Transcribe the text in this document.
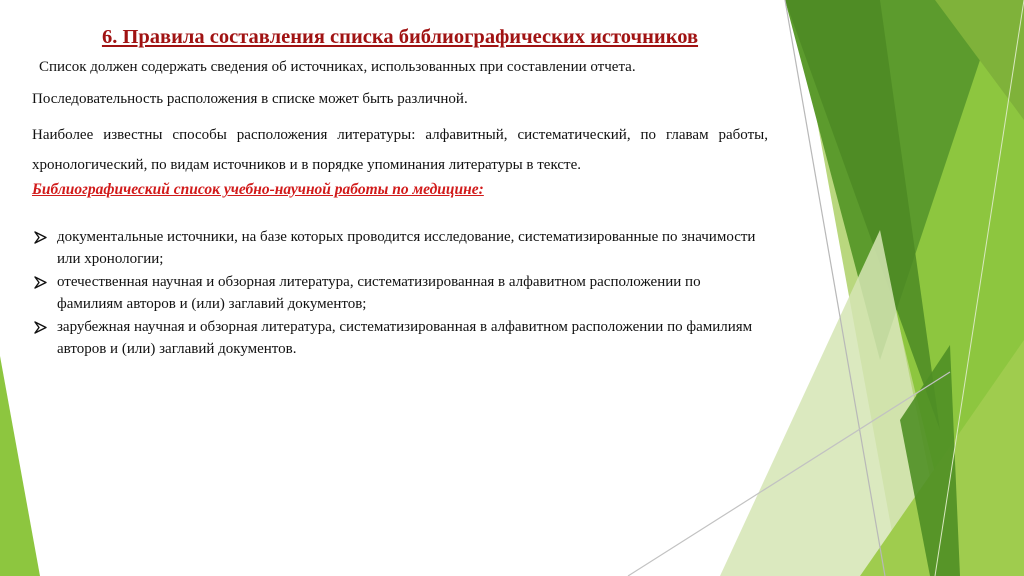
6. Правила составления списка библиографических источников

Список должен содержать сведения об источниках, использованных при составлении отчета.

Последовательность расположения в списке может быть различной.

Наиболее известны способы расположения литературы: алфавитный, систематический, по главам работы, хронологический, по видам источников и в порядке упоминания литературы в тексте.

Библиографический список учебно-научной работы по медицине:
документальные источники, на базе которых проводится исследование, систематизированные по значимости или хронологии;
отечественная научная и обзорная литература, систематизированная в алфавитном расположении по фамилиям авторов и (или) заглавий документов;
зарубежная научная и обзорная литература, систематизированная в алфавитном расположении по фамилиям авторов и (или) заглавий документов.
